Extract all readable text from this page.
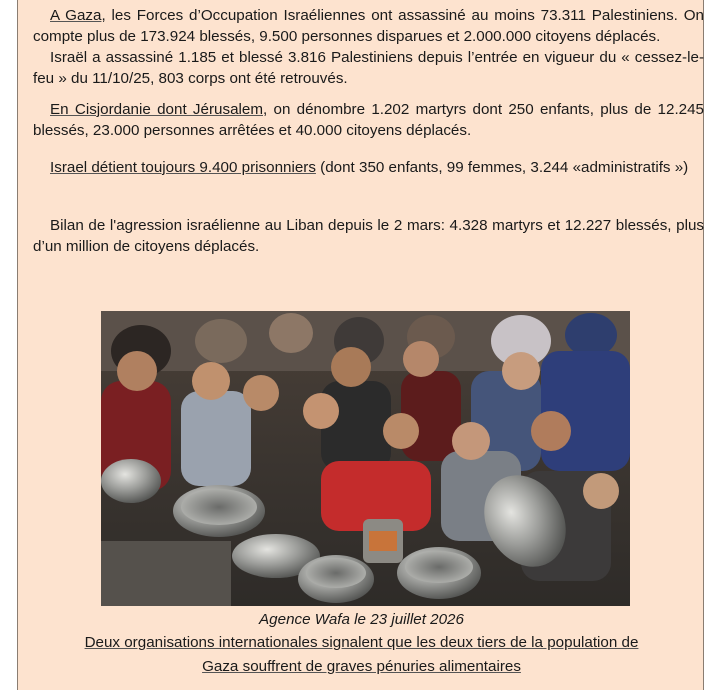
A Gaza, les Forces d’Occupation Israéliennes ont assassiné au moins 73.311 Palestiniens. On compte plus de 173.924 blessés, 9.500 personnes disparues et 2.000.000 citoyens déplacés.
Israël a assassiné 1.185 et blessé 3.816 Palestiniens depuis l’entrée en vigueur du « cessez-le-feu » du 11/10/25, 803 corps ont été retrouvés.

En Cisjordanie dont Jérusalem, on dénombre 1.202 martyrs dont 250 enfants, plus de 12.245 blessés, 23.000 personnes arrêtées et 40.000 citoyens déplacés.

Israel détient toujours 9.400 prisonniers (dont 350 enfants, 99 femmes, 3.244 «administratifs »)

Bilan de l'agression israélienne au Liban depuis le 2 mars: 4.328 martyrs et 12.227 blessés, plus d’un million de citoyens déplacés.

Agence Wafa le 23 juillet 2026

Deux organisations internationales signalent que les deux tiers de la population de

Gaza souffrent de graves pénuries alimentaires
